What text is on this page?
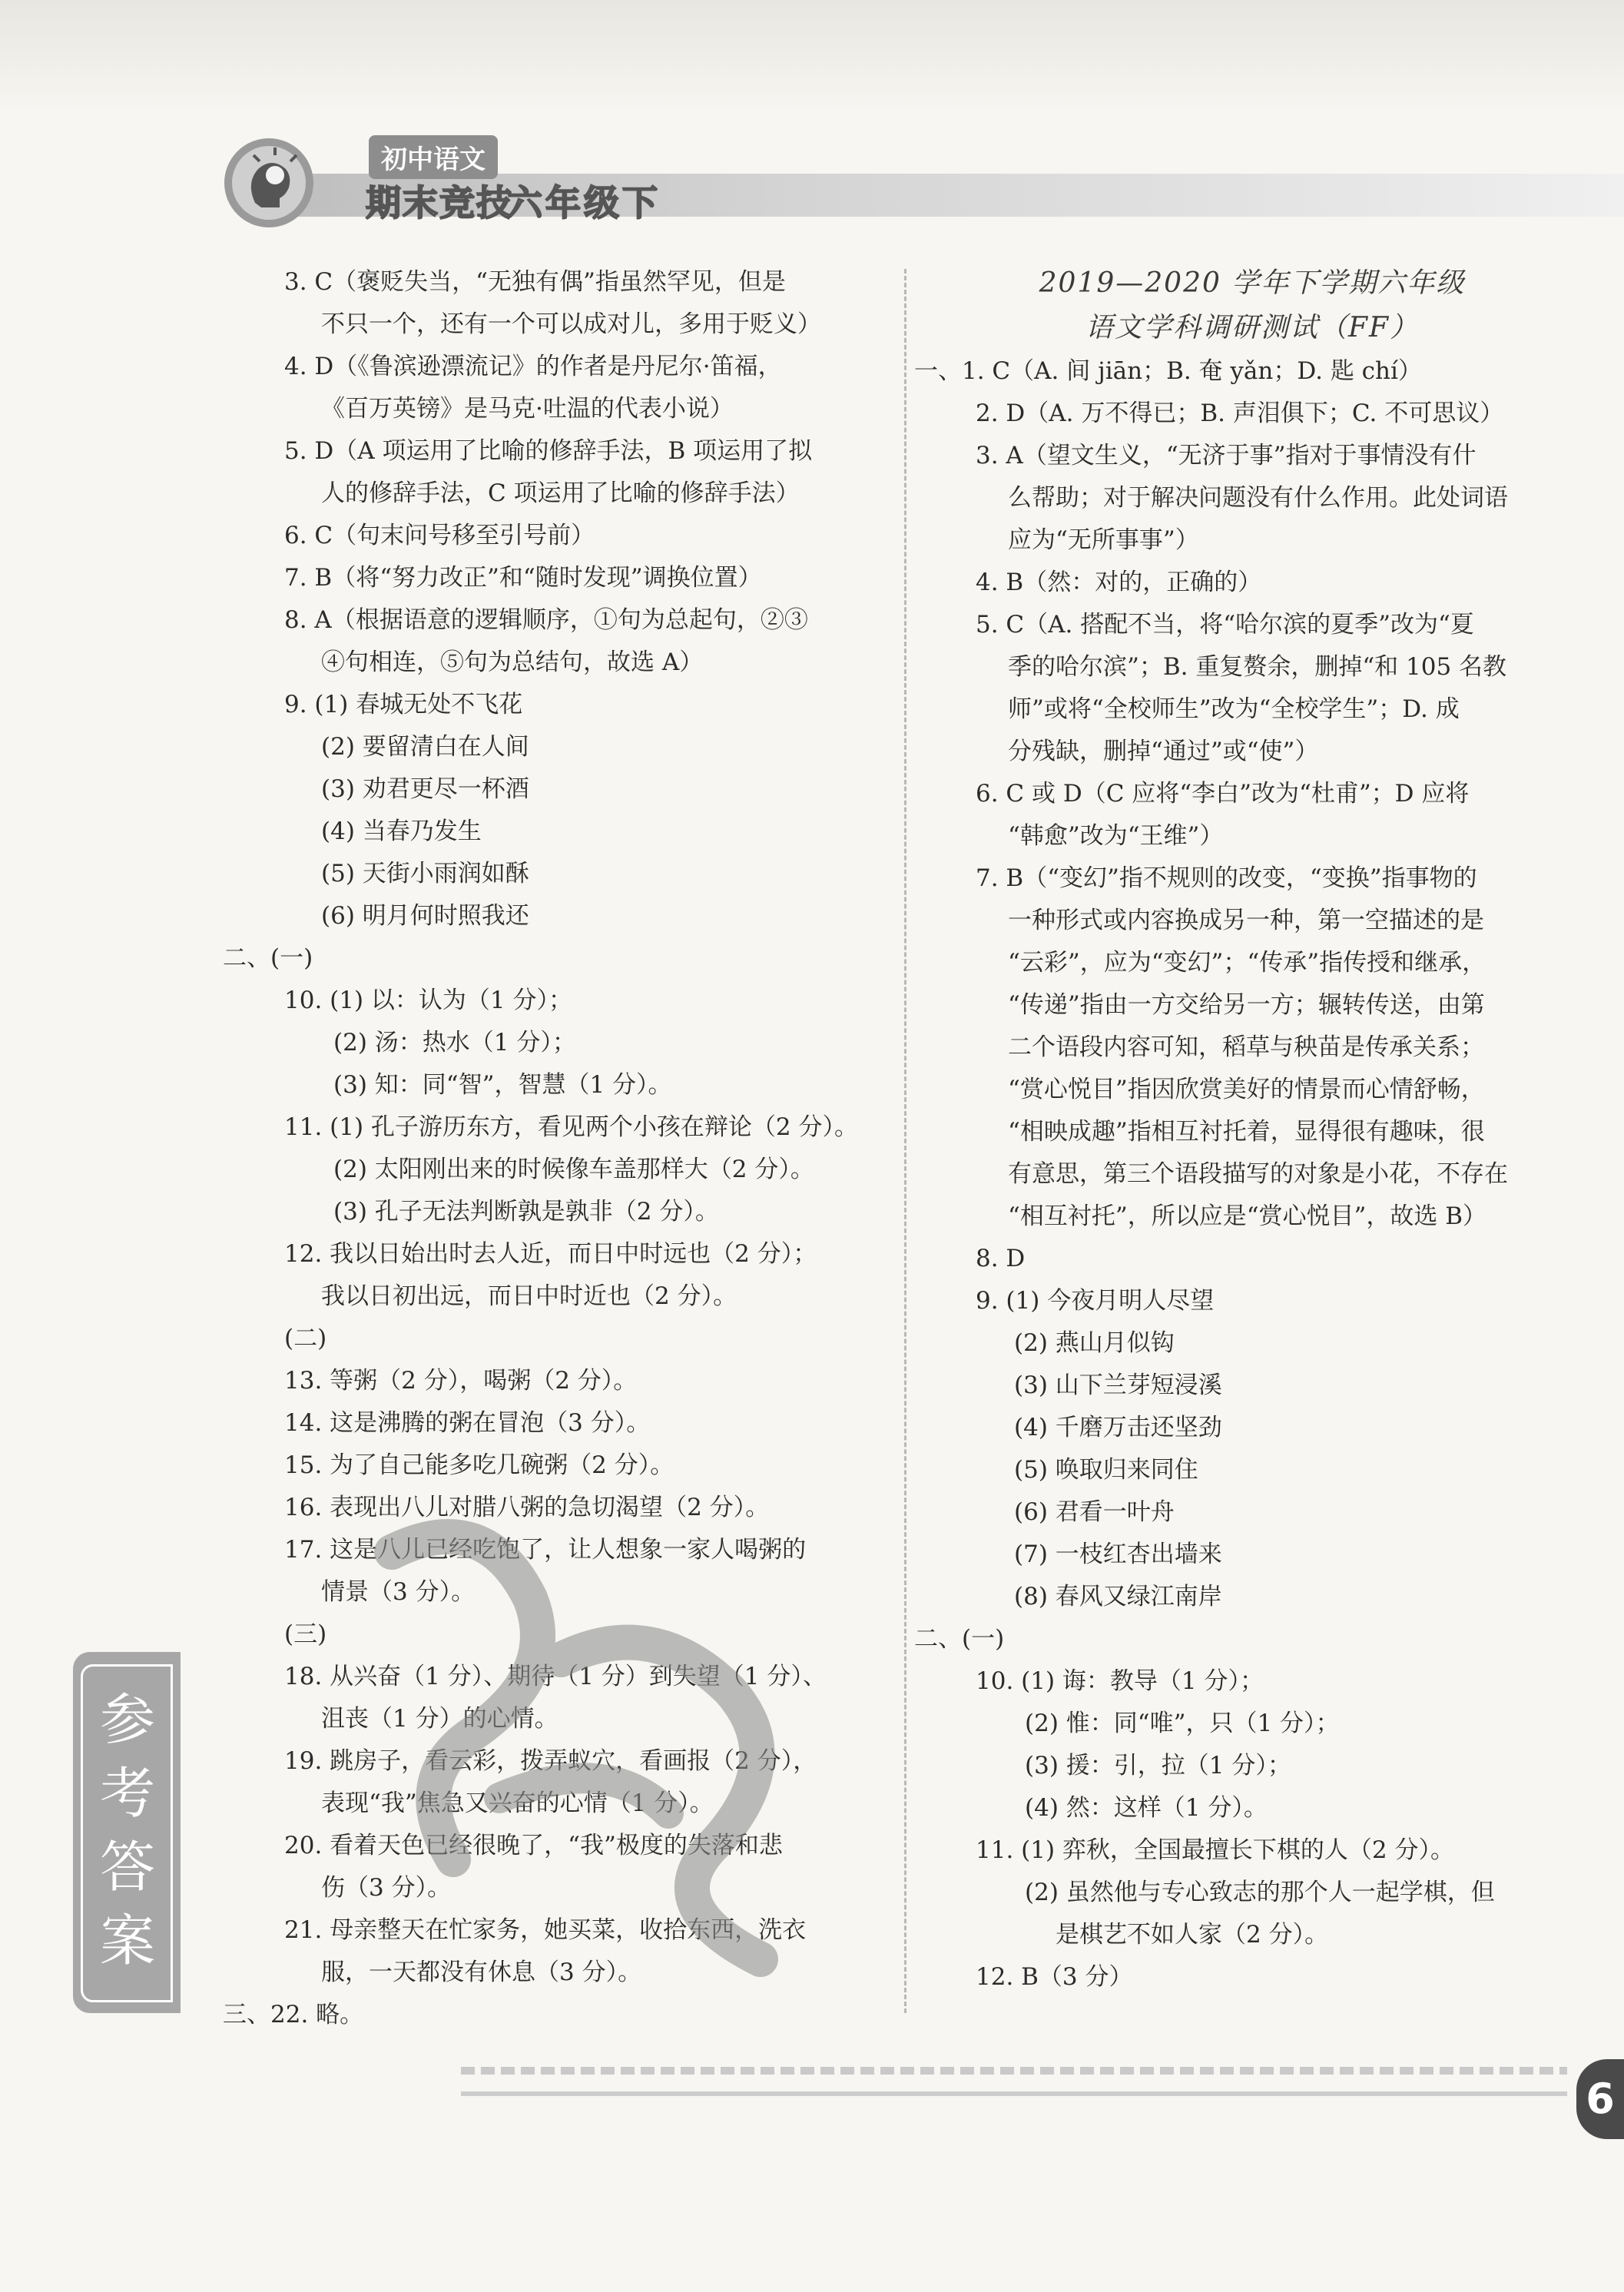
初中语文
期末竞技
六年级下
3. C（褒贬失当，“无独有偶”指虽然罕见，但是
不只一个，还有一个可以成对儿，多用于贬义）
4. D（《鲁滨逊漂流记》的作者是丹尼尔·笛福，
《百万英镑》是马克·吐温的代表小说）
5. D（A 项运用了比喻的修辞手法，B 项运用了拟
人的修辞手法，C 项运用了比喻的修辞手法）
6. C（句末问号移至引号前）
7. B（将“努力改正”和“随时发现”调换位置）
8. A（根据语意的逻辑顺序，①句为总起句，②③
④句相连，⑤句为总结句，故选 A）
9. (1) 春城无处不飞花
(2) 要留清白在人间
(3) 劝君更尽一杯酒
(4) 当春乃发生
(5) 天街小雨润如酥
(6) 明月何时照我还
二、(一)
10. (1) 以：认为（1 分）；
(2) 汤：热水（1 分）；
(3) 知：同“智”，智慧（1 分）。
11. (1) 孔子游历东方，看见两个小孩在辩论（2 分）。
(2) 太阳刚出来的时候像车盖那样大（2 分）。
(3) 孔子无法判断孰是孰非（2 分）。
12. 我以日始出时去人近，而日中时远也（2 分）；
我以日初出远，而日中时近也（2 分）。
(二)
13. 等粥（2 分），喝粥（2 分）。
14. 这是沸腾的粥在冒泡（3 分）。
15. 为了自己能多吃几碗粥（2 分）。
16. 表现出八儿对腊八粥的急切渴望（2 分）。
17. 这是八儿已经吃饱了，让人想象一家人喝粥的
情景（3 分）。
(三)
18. 从兴奋（1 分）、期待（1 分）到失望（1 分）、
沮丧（1 分）的心情。
19. 跳房子，看云彩，拨弄蚁穴，看画报（2 分），
表现“我”焦急又兴奋的心情（1 分）。
20. 看着天色已经很晚了，“我”极度的失落和悲
伤（3 分）。
21. 母亲整天在忙家务，她买菜，收拾东西，洗衣
服，一天都没有休息（3 分）。
三、22. 略。
2019—2020 学年下学期六年级
语文学科调研测试（FF）
一、1. C（A. 间 jiān；B. 奄 yǎn；D. 匙 chí）
2. D（A. 万不得已；B. 声泪俱下；C. 不可思议）
3. A（望文生义，“无济于事”指对于事情没有什
么帮助；对于解决问题没有什么作用。此处词语
应为“无所事事”）
4. B（然：对的，正确的）
5. C（A. 搭配不当，将“哈尔滨的夏季”改为“夏
季的哈尔滨”；B. 重复赘余，删掉“和 105 名教
师”或将“全校师生”改为“全校学生”；D. 成
分残缺，删掉“通过”或“使”）
6. C 或 D（C 应将“李白”改为“杜甫”；D 应将
“韩愈”改为“王维”）
7. B（“变幻”指不规则的改变，“变换”指事物的
一种形式或内容换成另一种，第一空描述的是
“云彩”，应为“变幻”；“传承”指传授和继承，
“传递”指由一方交给另一方；辗转传送，由第
二个语段内容可知，稻草与秧苗是传承关系；
“赏心悦目”指因欣赏美好的情景而心情舒畅，
“相映成趣”指相互衬托着，显得很有趣味，很
有意思，第三个语段描写的对象是小花，不存在
“相互衬托”，所以应是“赏心悦目”，故选 B）
8. D
9. (1) 今夜月明人尽望
(2) 燕山月似钩
(3) 山下兰芽短浸溪
(4) 千磨万击还坚劲
(5) 唤取归来同住
(6) 君看一叶舟
(7) 一枝红杏出墙来
(8) 春风又绿江南岸
二、(一)
10. (1) 诲：教导（1 分）；
(2) 惟：同“唯”，只（1 分）；
(3) 援：引，拉（1 分）；
(4) 然：这样（1 分）。
11. (1) 弈秋，全国最擅长下棋的人（2 分）。
(2) 虽然他与专心致志的那个人一起学棋，但
是棋艺不如人家（2 分）。
12. B（3 分）
参
考
答
案
6
